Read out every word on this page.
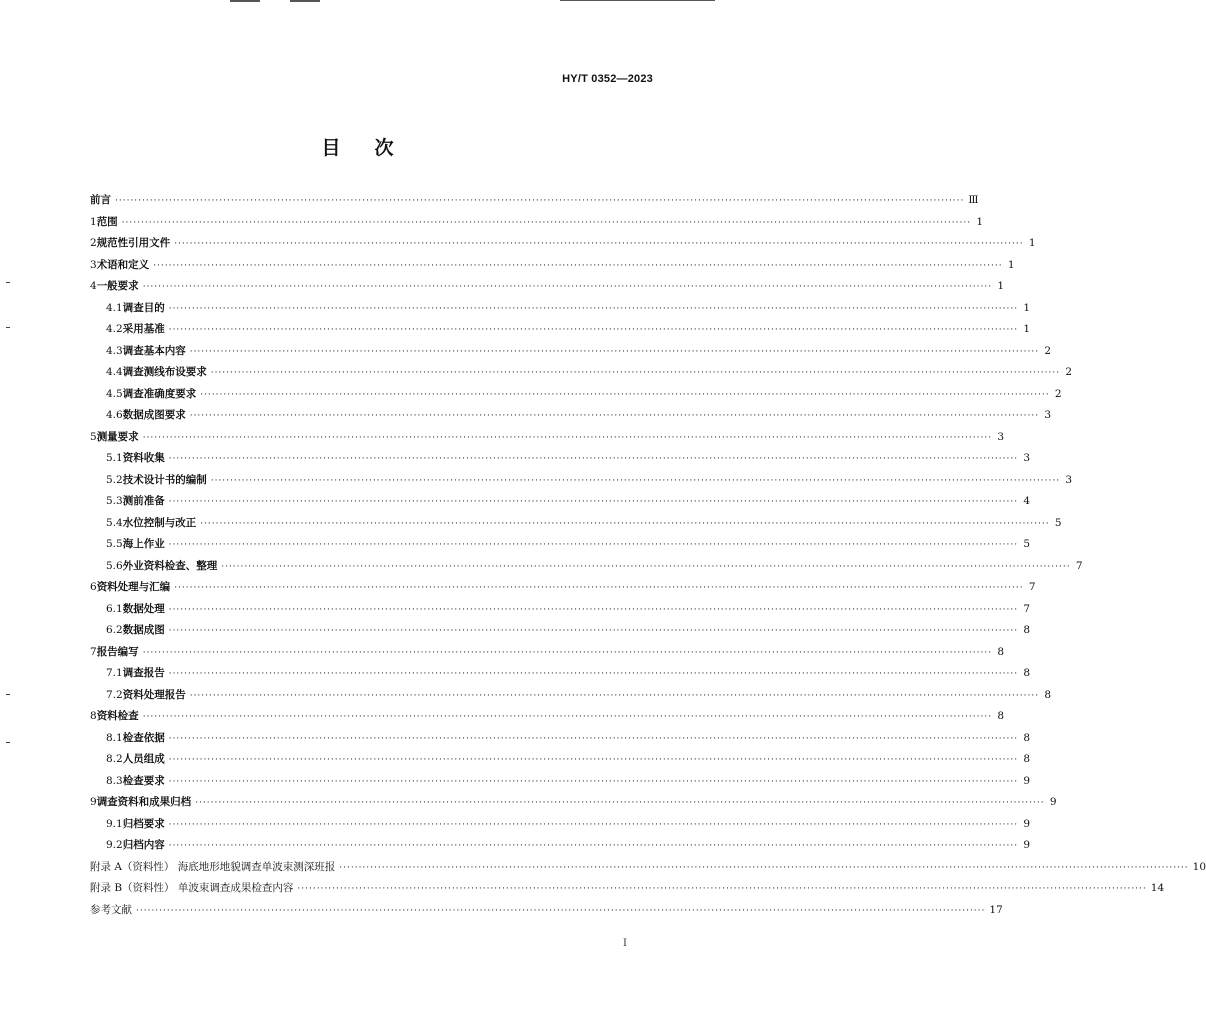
HY/T 0352—2023
目 次
前言 ···························································································································································································································· Ⅲ
1 范围 ···························································································································································································································· 1
2 规范性引用文件 ···························································································································································································································· 1
3 术语和定义 ···························································································································································································································· 1
4 一般要求 ···························································································································································································································· 1
4.1 调查目的 ···························································································································································································································· 1
4.2 采用基准 ···························································································································································································································· 1
4.3 调查基本内容 ···························································································································································································································· 2
4.4 调查测线布设要求 ···························································································································································································································· 2
4.5 调查准确度要求 ···························································································································································································································· 2
4.6 数据成图要求 ···························································································································································································································· 3
5 测量要求 ···························································································································································································································· 3
5.1 资料收集 ···························································································································································································································· 3
5.2 技术设计书的编制 ···························································································································································································································· 3
5.3 测前准备 ···························································································································································································································· 4
5.4 水位控制与改正 ···························································································································································································································· 5
5.5 海上作业 ···························································································································································································································· 5
5.6 外业资料检查、整理 ···························································································································································································································· 7
6 资料处理与汇编 ···························································································································································································································· 7
6.1 数据处理 ···························································································································································································································· 7
6.2 数据成图 ···························································································································································································································· 8
7 报告编写 ···························································································································································································································· 8
7.1 调查报告 ···························································································································································································································· 8
7.2 资料处理报告 ···························································································································································································································· 8
8 资料检查 ···························································································································································································································· 8
8.1 检查依据 ···························································································································································································································· 8
8.2 人员组成 ···························································································································································································································· 8
8.3 检查要求 ···························································································································································································································· 9
9 调查资料和成果归档 ···························································································································································································································· 9
9.1 归档要求 ···························································································································································································································· 9
9.2 归档内容 ···························································································································································································································· 9
附录 A（资料性） 海底地形地貌调查单波束测深班报 ···························································································································································································································· 10
附录 B（资料性） 单波束调查成果检查内容 ···························································································································································································································· 14
参考文献 ···························································································································································································································· 17
I
